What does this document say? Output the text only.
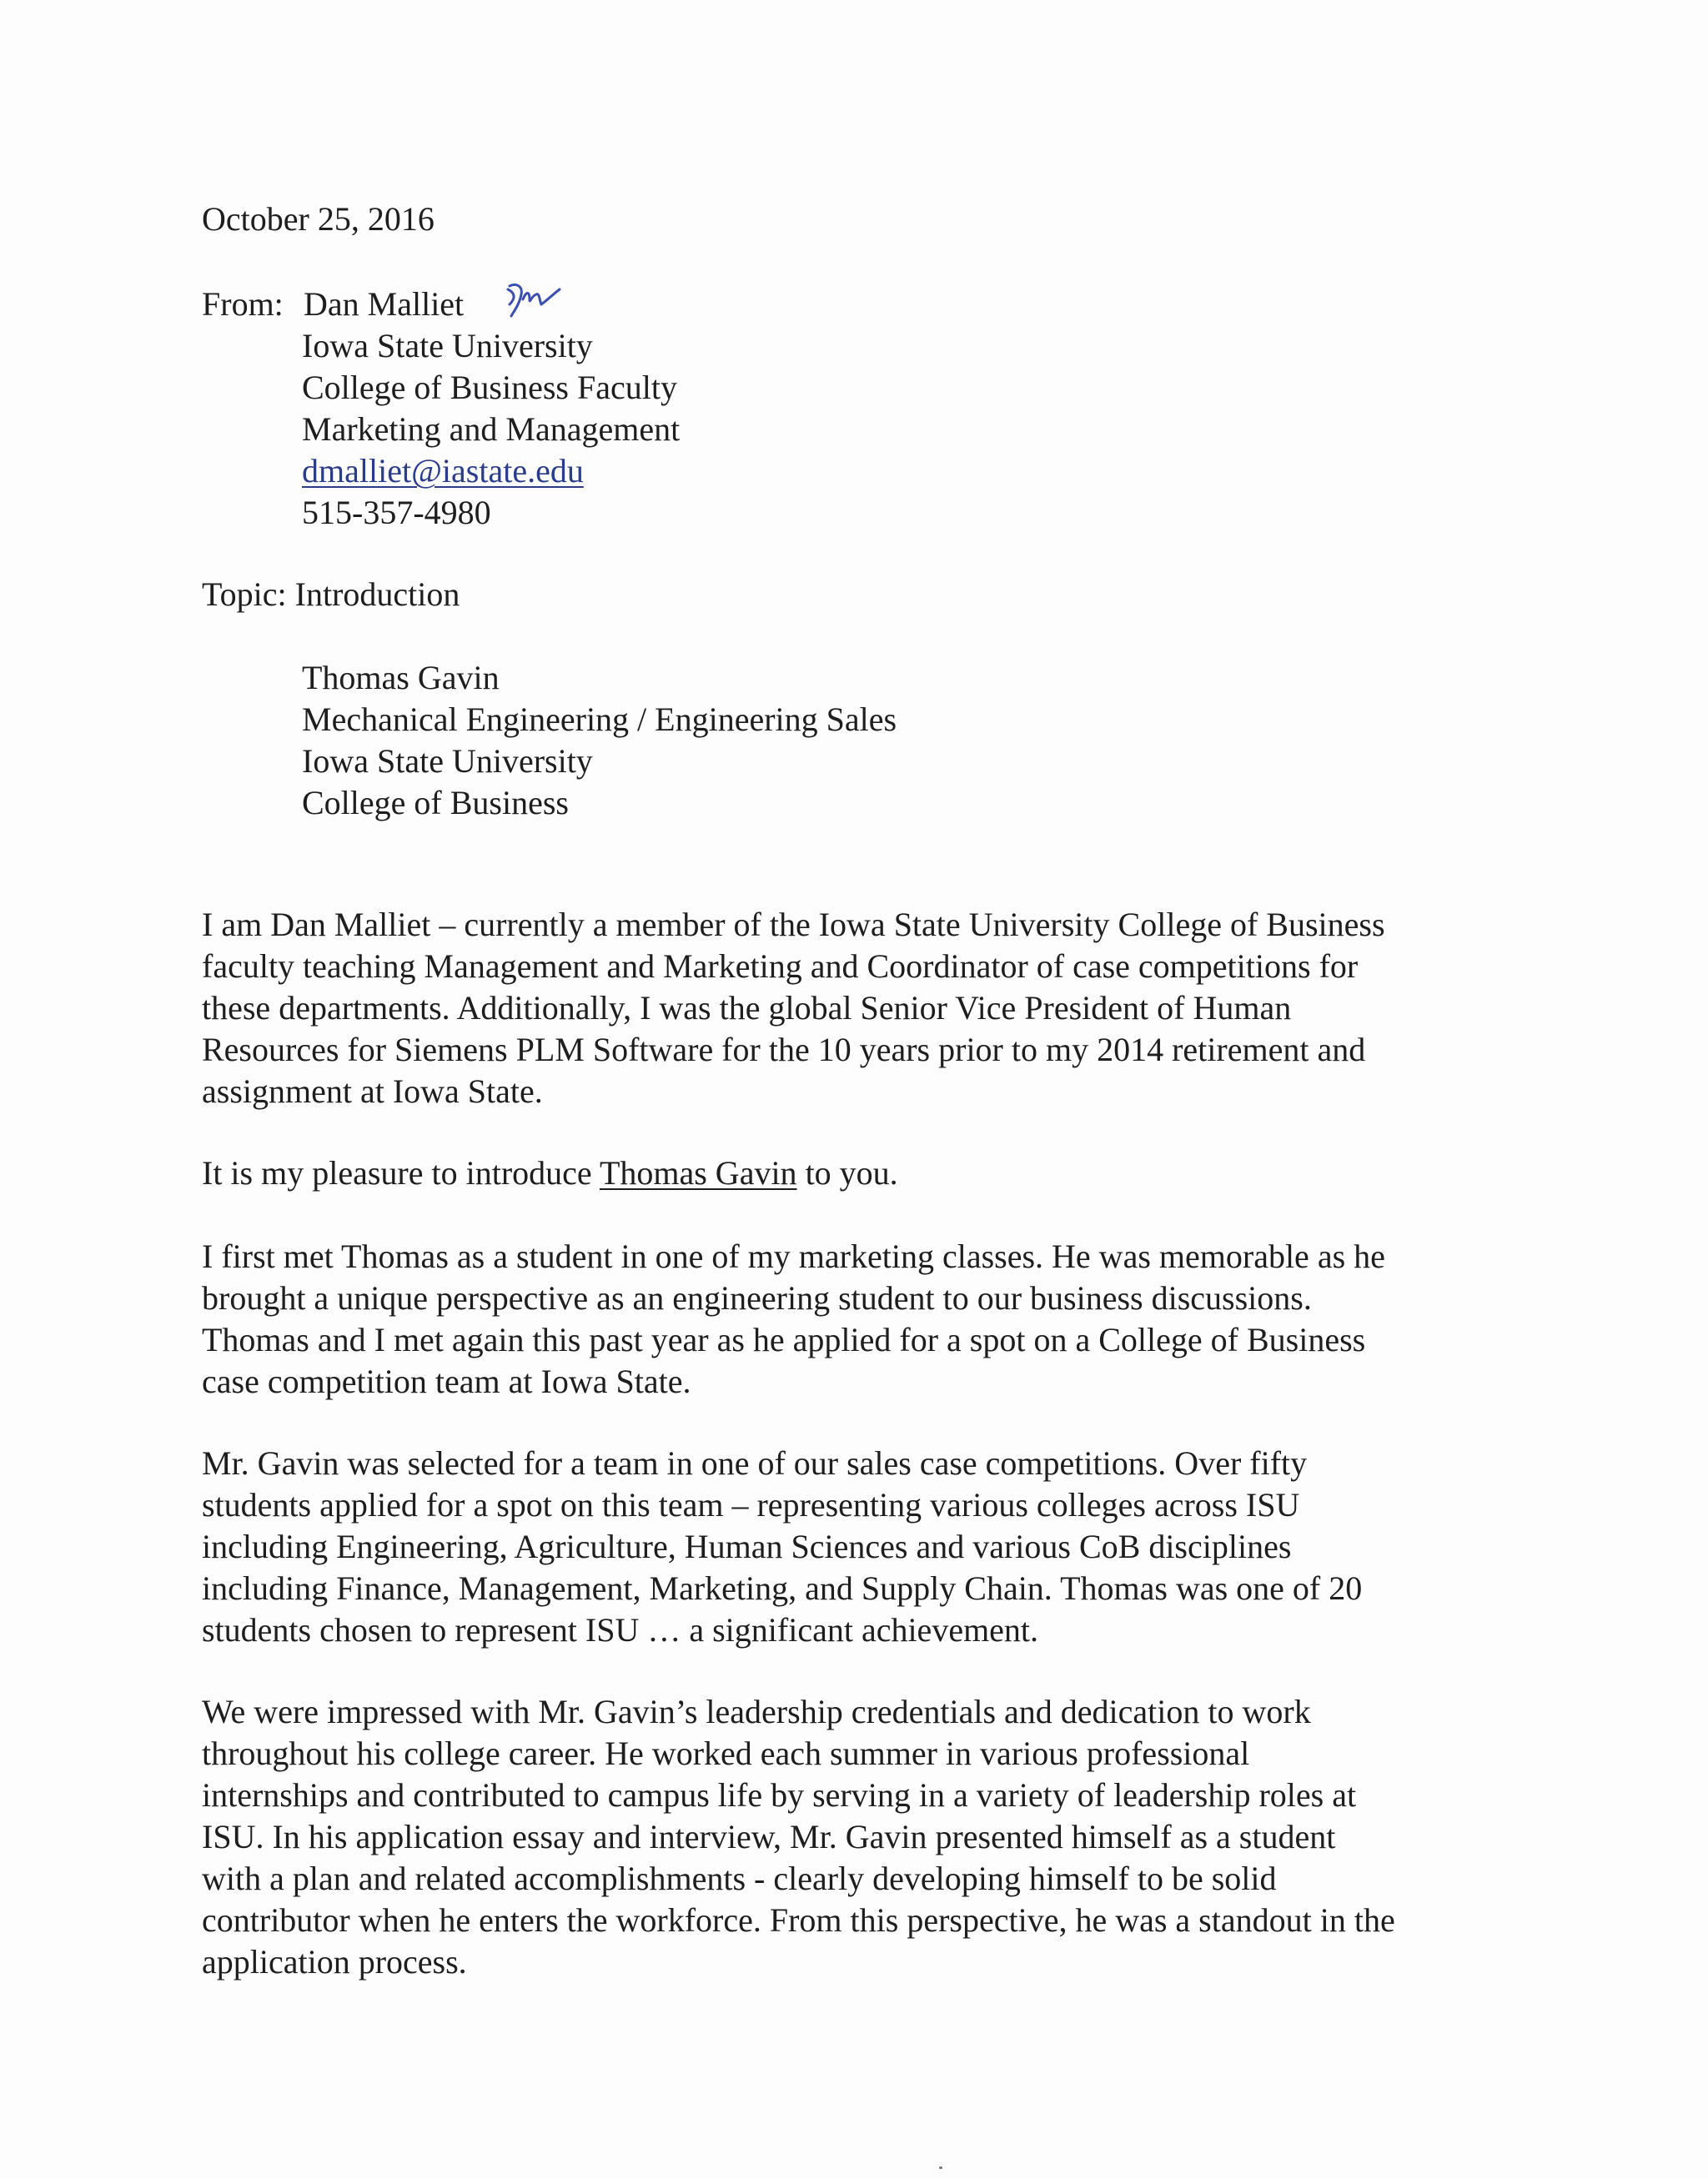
October 25, 2016
From: Dan Malliet
Iowa State University
College of Business Faculty
Marketing and Management
dmalliet@iastate.edu
515-357-4980
Topic: Introduction
Thomas Gavin
Mechanical Engineering / Engineering Sales
Iowa State University
College of Business
I am Dan Malliet – currently a member of the Iowa State University College of Business
faculty teaching Management and Marketing and Coordinator of case competitions for
these departments. Additionally, I was the global Senior Vice President of Human
Resources for Siemens PLM Software for the 10 years prior to my 2014 retirement and
assignment at Iowa State.
It is my pleasure to introduce Thomas Gavin to you.
I first met Thomas as a student in one of my marketing classes. He was memorable as he
brought a unique perspective as an engineering student to our business discussions.
Thomas and I met again this past year as he applied for a spot on a College of Business
case competition team at Iowa State.
Mr. Gavin was selected for a team in one of our sales case competitions. Over fifty
students applied for a spot on this team – representing various colleges across ISU
including Engineering, Agriculture, Human Sciences and various CoB disciplines
including Finance, Management, Marketing, and Supply Chain. Thomas was one of 20
students chosen to represent ISU … a significant achievement.
We were impressed with Mr. Gavin’s leadership credentials and dedication to work
throughout his college career. He worked each summer in various professional
internships and contributed to campus life by serving in a variety of leadership roles at
ISU. In his application essay and interview, Mr. Gavin presented himself as a student
with a plan and related accomplishments - clearly developing himself to be solid
contributor when he enters the workforce. From this perspective, he was a standout in the
application process.
